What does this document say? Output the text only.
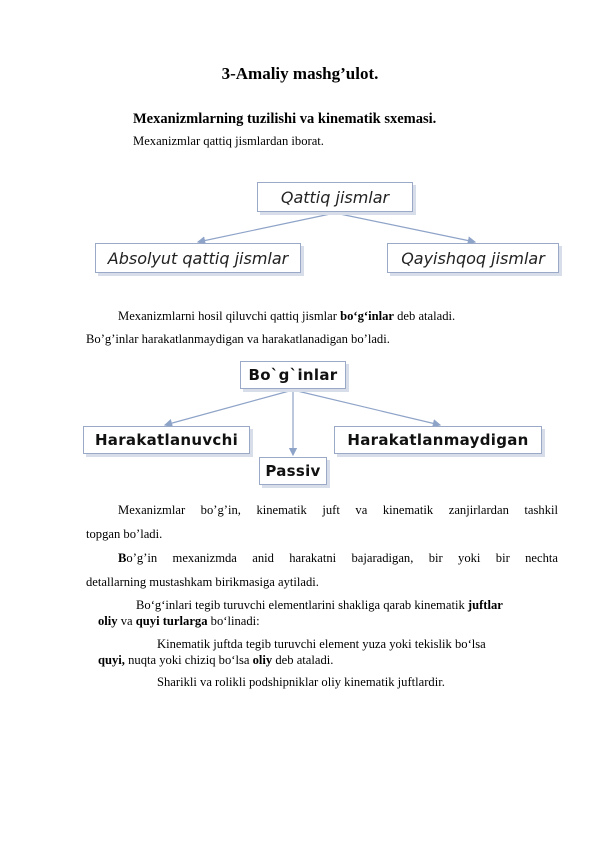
3-Amaliy mashg’ulot.
Mexanizmlarning tuzilishi va kinematik sxemasi.
Mexanizmlar qattiq jismlardan iborat.
Qattiq jismlar
Absolyut qattiq jismlar	Qayishqoq jismlar
Mexanizmlarni hosil qiluvchi qattiq jismlar bo‘g‘inlar deb ataladi.
Bo’g’inlar harakatlanmaydigan va harakatlanadigan bo’ladi.
Bo`g`inlar
Harakatlanuvchi	Harakatlanmaydigan
Passiv
Mexanizmlar bo’g’in, kinematik juft va kinematik zanjirlardan tashkil
topgan bo’ladi.
Bo’g’in mexanizmda anid harakatni bajaradigan, bir yoki bir nechta
detallarning mustashkam birikmasiga aytiladi.
Bo‘g‘inlari tegib turuvchi elementlarini shakliga qarab kinematik juftlar
oliy va quyi turlarga bo‘linadi:
Kinematik juftda tegib turuvchi element yuza yoki tekislik bo‘lsa
quyi, nuqta yoki chiziq bo‘lsa oliy deb ataladi.
Sharikli va rolikli podshipniklar oliy kinematik juftlardir.
